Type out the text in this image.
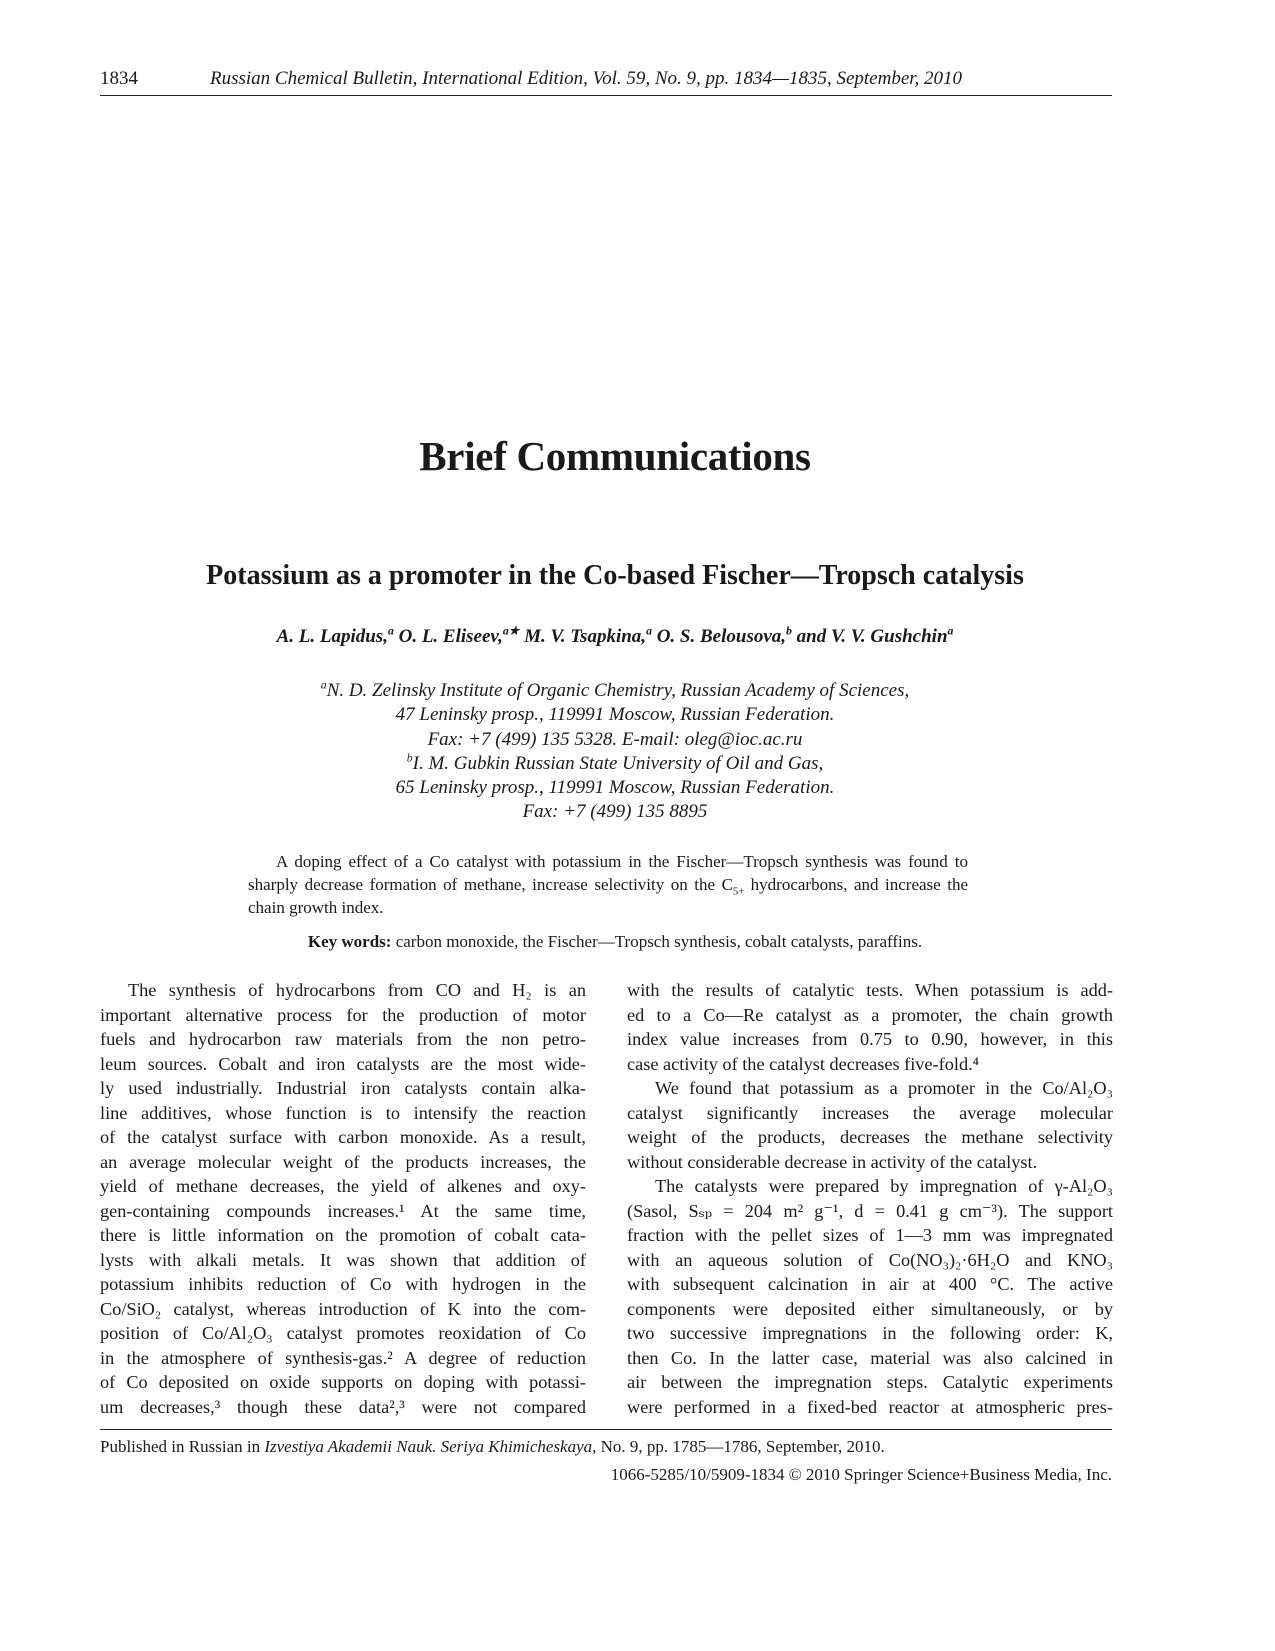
1834	Russian Chemical Bulletin, International Edition, Vol. 59, No. 9, pp. 1834—1835, September, 2010
Brief Communications
Potassium as a promoter in the Co-based Fischer—Tropsch catalysis
A. L. Lapidus,$^a$ O. L. Eliseev,$^{a★}$ M. V. Tsapkina,$^a$ O. S. Belousova,$^b$ and V. V. Gushchin$^a$
$^a$N. D. Zelinsky Institute of Organic Chemistry, Russian Academy of Sciences,
47 Leninsky prosp., 119991 Moscow, Russian Federation.
Fax: +7 (499) 135 5328. E-mail: oleg@ioc.ac.ru
$^b$I. M. Gubkin Russian State University of Oil and Gas,
65 Leninsky prosp., 119991 Moscow, Russian Federation.
Fax: +7 (499) 135 8895
A doping effect of a Co catalyst with potassium in the Fischer—Tropsch synthesis was found to sharply decrease formation of methane, increase selectivity on the $C_{5+}$ hydrocarbons, and increase the chain growth index.
Key words: carbon monoxide, the Fischer—Tropsch synthesis, cobalt catalysts, paraffins.
The synthesis of hydrocarbons from CO and H₂ is an
important alternative process for the production of motor
fuels and hydrocarbon raw materials from the non petro-
leum sources. Cobalt and iron catalysts are the most wide-
ly used industrially. Industrial iron catalysts contain alka-
line additives, whose function is to intensify the reaction
of the catalyst surface with carbon monoxide. As a result,
an average molecular weight of the products increases, the
yield of methane decreases, the yield of alkenes and oxy-
gen-containing compounds increases.¹ At the same time,
there is little information on the promotion of cobalt cata-
lysts with alkali metals. It was shown that addition of
potassium inhibits reduction of Co with hydrogen in the
Co/SiO₂ catalyst, whereas introduction of K into the com-
position of Co/Al₂O₃ catalyst promotes reoxidation of Co
in the atmosphere of synthesis-gas.² A degree of reduction
of Co deposited on oxide supports on doping with potassi-
um decreases,³ though these data²,³ were not compared
with the results of catalytic tests. When potassium is add-
ed to a Co—Re catalyst as a promoter, the chain growth
index value increases from 0.75 to 0.90, however, in this
case activity of the catalyst decreases five-fold.⁴
We found that potassium as a promoter in the Co/Al₂O₃
catalyst significantly increases the average molecular
weight of the products, decreases the methane selectivity
without considerable decrease in activity of the catalyst.
The catalysts were prepared by impregnation of γ-Al₂O₃
(Sasol, Sₛₚ = 204 m² g⁻¹, d = 0.41 g cm⁻³). The support
fraction with the pellet sizes of 1—3 mm was impregnated
with an aqueous solution of Co(NO₃)₂·6H₂O and KNO₃
with subsequent calcination in air at 400 °C. The active
components were deposited either simultaneously, or by
two successive impregnations in the following order: K,
then Co. In the latter case, material was also calcined in
air between the impregnation steps. Catalytic experiments
were performed in a fixed-bed reactor at atmospheric pres-
Published in Russian in Izvestiya Akademii Nauk. Seriya Khimicheskaya, No. 9, pp. 1785—1786, September, 2010.
1066-5285/10/5909-1834 © 2010 Springer Science+Business Media, Inc.
